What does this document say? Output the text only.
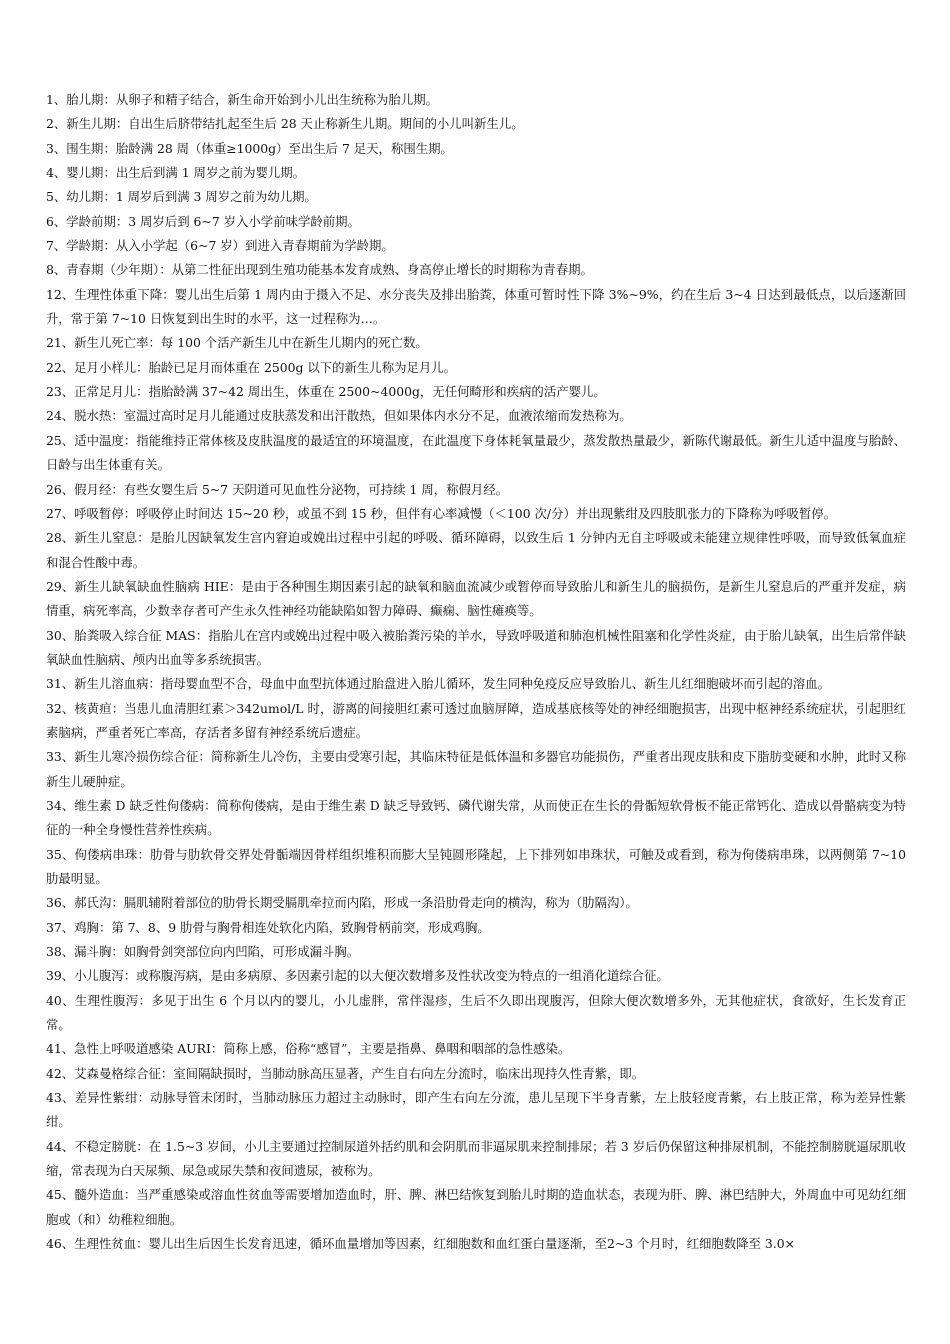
1、胎儿期：从卵子和精子结合，新生命开始到小儿出生统称为胎儿期。

2、新生儿期：自出生后脐带结扎起至生后 28 天止称新生儿期。期间的小儿叫新生儿。

3、围生期：胎龄满 28 周（体重≥1000g）至出生后 7 足天，称围生期。

4、婴儿期：出生后到满 1 周岁之前为婴儿期。

5、幼儿期：1 周岁后到满 3 周岁之前为幼儿期。

6、学龄前期：3 周岁后到 6~7 岁入小学前味学龄前期。

7、学龄期：从入小学起（6~7 岁）到进入青春期前为学龄期。

8、青春期（少年期）：从第二性征出现到生殖功能基本发育成熟、身高停止增长的时期称为青春期。

12、生理性体重下降：婴儿出生后第 1 周内由于摄入不足、水分丧失及排出胎粪，体重可暂时性下降 3%~9%，约在生后 3~4 日达到最低点，以后逐渐回升，常于第 7~10 日恢复到出生时的水平，这一过程称为…。

21、新生儿死亡率：每 100 个活产新生儿中在新生儿期内的死亡数。

22、足月小样儿：胎龄已足月而体重在 2500g 以下的新生儿称为足月儿。

23、正常足月儿：指胎龄满 37~42 周出生，体重在 2500~4000g，无任何畸形和疾病的活产婴儿。

24、脱水热：室温过高时足月儿能通过皮肤蒸发和出汗散热，但如果体内水分不足，血液浓缩而发热称为。

25、适中温度：指能维持正常体核及皮肤温度的最适宜的环境温度，在此温度下身体耗氧量最少，蒸发散热量最少，新陈代谢最低。新生儿适中温度与胎龄、日龄与出生体重有关。

26、假月经：有些女婴生后 5~7 天阴道可见血性分泌物，可持续 1 周，称假月经。

27、呼吸暂停：呼吸停止时间达 15~20 秒，或虽不到 15 秒，但伴有心率减慢（＜100 次/分）并出现紫绀及四肢肌张力的下降称为呼吸暂停。

28、新生儿窒息：是胎儿因缺氧发生宫内窘迫或娩出过程中引起的呼吸、循环障碍，以致生后 1 分钟内无自主呼吸或未能建立规律性呼吸，而导致低氧血症和混合性酸中毒。

29、新生儿缺氧缺血性脑病 HIE：是由于各种围生期因素引起的缺氧和脑血流减少或暂停而导致胎儿和新生儿的脑损伤，是新生儿窒息后的严重并发症，病情重，病死率高，少数幸存者可产生永久性神经功能缺陷如智力障碍、癫痫、脑性瘫痪等。

30、胎粪吸入综合征 MAS：指胎儿在宫内或娩出过程中吸入被胎粪污染的羊水，导致呼吸道和肺泡机械性阻塞和化学性炎症，由于胎儿缺氧，出生后常伴缺氧缺血性脑病、颅内出血等多系统损害。

31、新生儿溶血病：指母婴血型不合，母血中血型抗体通过胎盘进入胎儿循环，发生同种免疫反应导致胎儿、新生儿红细胞破坏而引起的溶血。

32、核黄疸：当患儿血清胆红素＞342umol/L 时，游离的间接胆红素可透过血脑屏障，造成基底核等处的神经细胞损害，出现中枢神经系统症状，引起胆红素脑病，严重者死亡率高，存活者多留有神经系统后遗症。

33、新生儿寒冷损伤综合征：简称新生儿冷伤，主要由受寒引起，其临床特征是低体温和多器官功能损伤，严重者出现皮肤和皮下脂肪变硬和水肿，此时又称新生儿硬肿症。

34、维生素 D 缺乏性佝偻病：简称佝偻病，是由于维生素 D 缺乏导致钙、磷代谢失常，从而使正在生长的骨骺短软骨板不能正常钙化、造成以骨骼病变为特征的一种全身慢性营养性疾病。

35、佝偻病串珠：肋骨与肋软骨交界处骨骺端因骨样组织堆积而膨大呈钝圆形隆起，上下排列如串珠状，可触及或看到，称为佝偻病串珠，以两侧第 7~10 肋最明显。

36、郝氏沟：膈肌辅附着部位的肋骨长期受膈肌牵拉而内陷，形成一条沿肋骨走向的横沟，称为（肋隔沟）。

37、鸡胸：第 7、8、9 肋骨与胸骨相连处软化内陷，致胸骨柄前突，形成鸡胸。

38、漏斗胸：如胸骨剑突部位向内凹陷，可形成漏斗胸。

39、小儿腹泻：或称腹泻病，是由多病原、多因素引起的以大便次数增多及性状改变为特点的一组消化道综合征。

40、生理性腹泻：多见于出生 6 个月以内的婴儿，小儿虚胖，常伴湿疹，生后不久即出现腹泻，但除大便次数增多外，无其他症状，食欲好，生长发育正常。

41、急性上呼吸道感染 AURI：简称上感，俗称“感冒”，主要是指鼻、鼻咽和咽部的急性感染。

42、艾森曼格综合征：室间隔缺损时，当肺动脉高压显著，产生自右向左分流时，临床出现持久性青紫，即。

43、差异性紫绀：动脉导管未闭时，当肺动脉压力超过主动脉时，即产生右向左分流，患儿呈现下半身青紫，左上肢轻度青紫，右上肢正常，称为差异性紫绀。

44、不稳定膀胱：在 1.5~3 岁间，小儿主要通过控制尿道外括约肌和会阴肌而非逼尿肌来控制排尿；若 3 岁后仍保留这种排尿机制，不能控制膀胱逼尿肌收缩，常表现为白天尿频、尿急或尿失禁和夜间遗尿，被称为。

45、髓外造血：当严重感染或溶血性贫血等需要增加造血时，肝、脾、淋巴结恢复到胎儿时期的造血状态，表现为肝、脾、淋巴结肿大，外周血中可见幼红细胞或（和）幼稚粒细胞。

46、生理性贫血：婴儿出生后因生长发育迅速，循环血量增加等因素，红细胞数和血红蛋白量逐渐，至2~3 个月时，红细胞数降至 3.0×
